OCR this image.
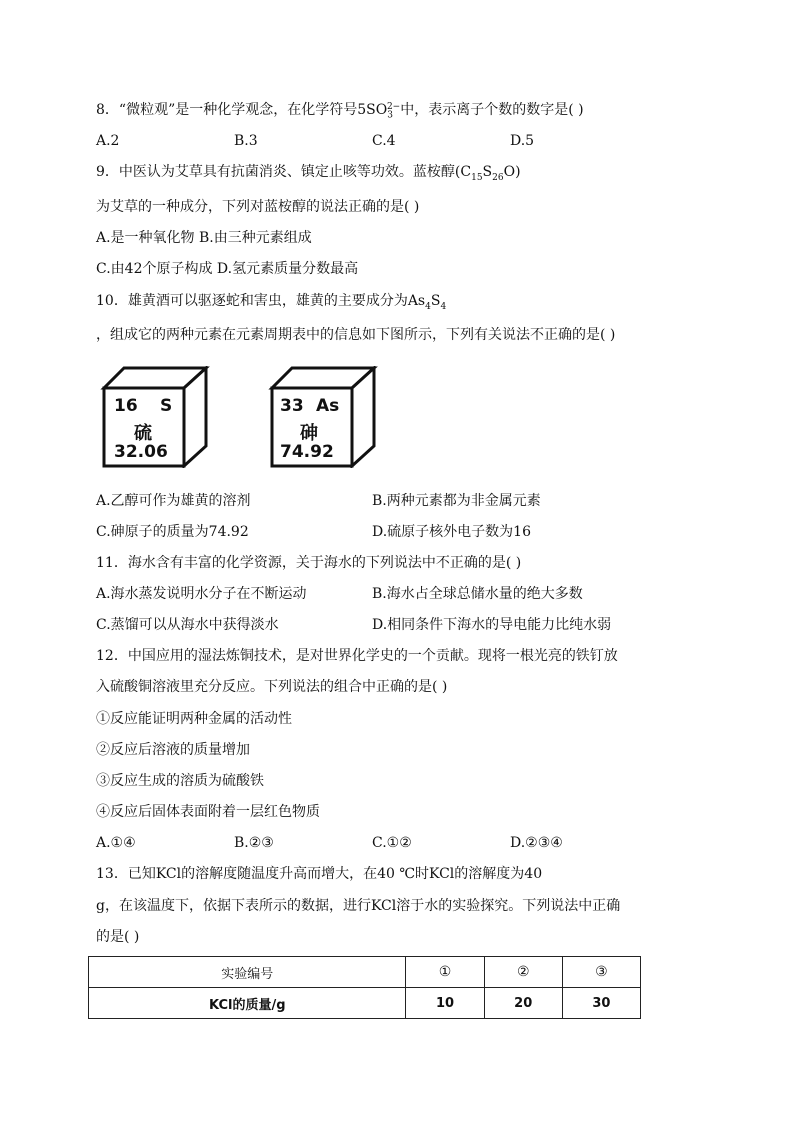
8．“微粒观”是一种化学观念，在化学符号$5SO_3^{2-}$中，表示离子个数的数字是( )
A.2	B.3	C.4	D.5
9．中医认为艾草具有抗菌消炎、镇定止咳等功效。蓝桉醇$(C_{15}S_{26}O)$
为艾草的一种成分，下列对蓝桉醇的说法正确的是( )
A.是一种氧化物 B.由三种元素组成
C.由42个原子构成 D.氢元素质量分数最高
10．雄黄酒可以驱逐蛇和害虫，雄黄的主要成分为$As_4S_4$
，组成它的两种元素在元素周期表中的信息如下图所示，下列有关说法不正确的是( )
16 S
硫
32.06
33 As
砷
74.92
A.乙醇可作为雄黄的溶剂	B.两种元素都为非金属元素
C.砷原子的质量为74.92	D.硫原子核外电子数为16
11．海水含有丰富的化学资源，关于海水的下列说法中不正确的是( )
A.海水蒸发说明水分子在不断运动	B.海水占全球总储水量的绝大多数
C.蒸馏可以从海水中获得淡水	D.相同条件下海水的导电能力比纯水弱
12．中国应用的湿法炼铜技术，是对世界化学史的一个贡献。现将一根光亮的铁钉放
入硫酸铜溶液里充分反应。下列说法的组合中正确的是( )
①反应能证明两种金属的活动性
②反应后溶液的质量增加
③反应生成的溶质为硫酸铁
④反应后固体表面附着一层红色物质
A.①④	B.②③	C.①②	D.②③④
13．已知KCl的溶解度随温度升高而增大，在40 ℃时KCl的溶解度为40
g，在该温度下，依据下表所示的数据，进行KCl溶于水的实验探究。下列说法中正确
的是( )
实验编号	①	②	③
KCl的质量/g	10	20	30
